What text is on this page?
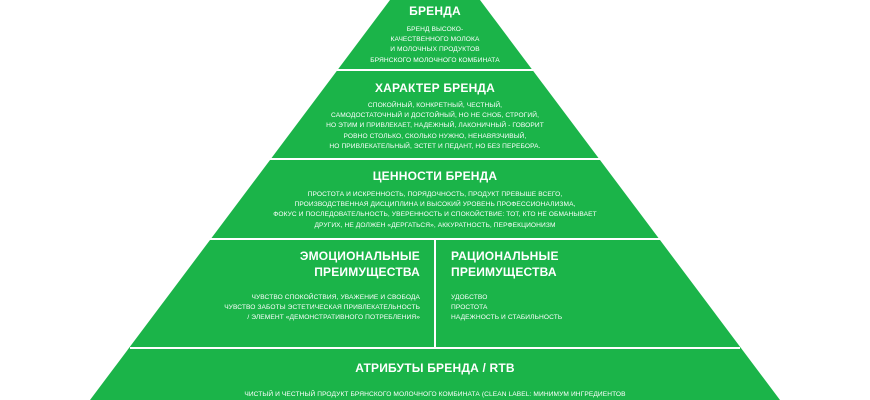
БРЕНДА
БРЕНД ВЫСОКО-
КАЧЕСТВЕННОГО МОЛОКА
И МОЛОЧНЫХ ПРОДУКТОВ
БРЯНСКОГО МОЛОЧНОГО КОМБИНАТА
ХАРАКТЕР БРЕНДА
СПОКОЙНЫЙ, КОНКРЕТНЫЙ, ЧЕСТНЫЙ,
САМОДОСТАТОЧНЫЙ И ДОСТОЙНЫЙ, НО НЕ СНОБ, СТРОГИЙ,
НО ЭТИМ И ПРИВЛЕКАЕТ, НАДЕЖНЫЙ, ЛАКОНИЧНЫЙ - ГОВОРИТ
РОВНО СТОЛЬКО, СКОЛЬКО НУЖНО, НЕНАВЯЗЧИВЫЙ,
НО ПРИВЛЕКАТЕЛЬНЫЙ, ЭСТЕТ И ПЕДАНТ, НО БЕЗ ПЕРЕБОРА.
ЦЕННОСТИ БРЕНДА
ПРОСТОТА И ИСКРЕННОСТЬ, ПОРЯДОЧНОСТЬ, ПРОДУКТ ПРЕВЫШЕ ВСЕГО,
ПРОИЗВОДСТВЕННАЯ ДИСЦИПЛИНА И ВЫСОКИЙ УРОВЕНЬ ПРОФЕССИОНАЛИЗМА,
ФОКУС И ПОСЛЕДОВАТЕЛЬНОСТЬ, УВЕРЕННОСТЬ И СПОКОЙСТВИЕ: ТОТ, КТО НЕ ОБМАНЫВАЕТ
ДРУГИХ, НЕ ДОЛЖЕН «ДЕРГАТЬСЯ», АККУРАТНОСТЬ, ПЕРФЕКЦИОНИЗМ
ЭМОЦИОНАЛЬНЫЕ
ПРЕИМУЩЕСТВА
ЧУВСТВО СПОКОЙСТВИЯ, УВАЖЕНИЕ И СВОБОДА
ЧУВСТВО ЗАБОТЫ ЭСТЕТИЧЕСКАЯ ПРИВЛЕКАТЕЛЬНОСТЬ
/ ЭЛЕМЕНТ «ДЕМОНСТРАТИВНОГО ПОТРЕБЛЕНИЯ»
РАЦИОНАЛЬНЫЕ
ПРЕИМУЩЕСТВА
УДОБСТВО
ПРОСТОТА
НАДЕЖНОСТЬ И СТАБИЛЬНОСТЬ
АТРИБУТЫ БРЕНДА / RTB
ЧИСТЫЙ И ЧЕСТНЫЙ ПРОДУКТ БРЯНСКОГО МОЛОЧНОГО КОМБИНАТА (CLEAN LABEL: МИНИМУМ ИНГРЕДИЕНТОВ
